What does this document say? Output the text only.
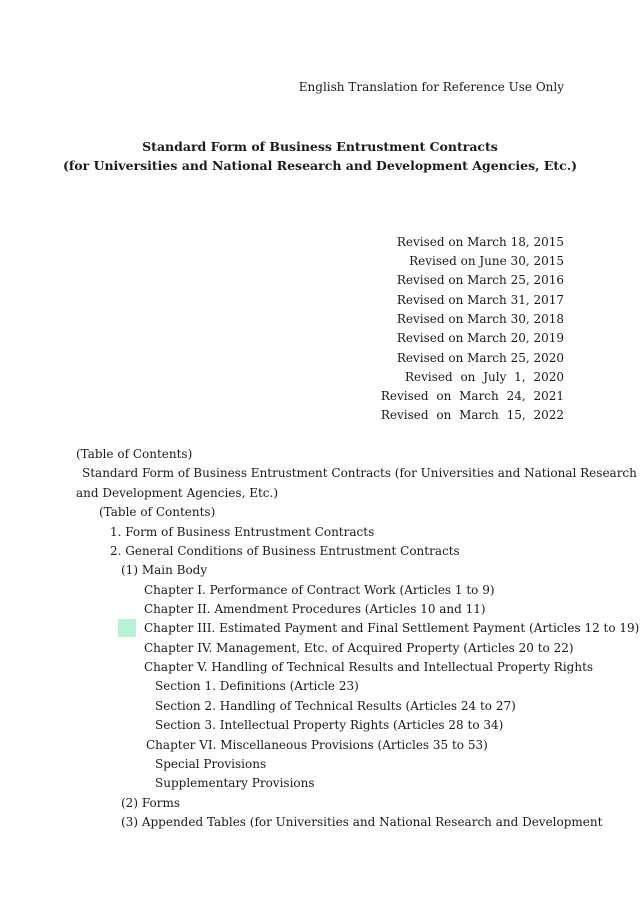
English Translation for Reference Use Only
Standard Form of Business Entrustment Contracts
(for Universities and National Research and Development Agencies, Etc.)
Revised on March 18, 2015
Revised on June 30, 2015
Revised on March 25, 2016
Revised on March 31, 2017
Revised on March 30, 2018
Revised on March 20, 2019
Revised on March 25, 2020
Revised on July 1, 2020
Revised on March 24, 2021
Revised on March 15, 2022
(Table of Contents)
Standard Form of Business Entrustment Contracts (for Universities and National Research
and Development Agencies, Etc.)
(Table of Contents)
1. Form of Business Entrustment Contracts
2. General Conditions of Business Entrustment Contracts
(1) Main Body
Chapter I. Performance of Contract Work (Articles 1 to 9)
Chapter II. Amendment Procedures (Articles 10 and 11)
Chapter III. Estimated Payment and Final Settlement Payment (Articles 12 to 19)
Chapter IV. Management, Etc. of Acquired Property (Articles 20 to 22)
Chapter V. Handling of Technical Results and Intellectual Property Rights
Section 1. Definitions (Article 23)
Section 2. Handling of Technical Results (Articles 24 to 27)
Section 3. Intellectual Property Rights (Articles 28 to 34)
Chapter VI. Miscellaneous Provisions (Articles 35 to 53)
Special Provisions
Supplementary Provisions
(2) Forms
(3) Appended Tables (for Universities and National Research and Development
